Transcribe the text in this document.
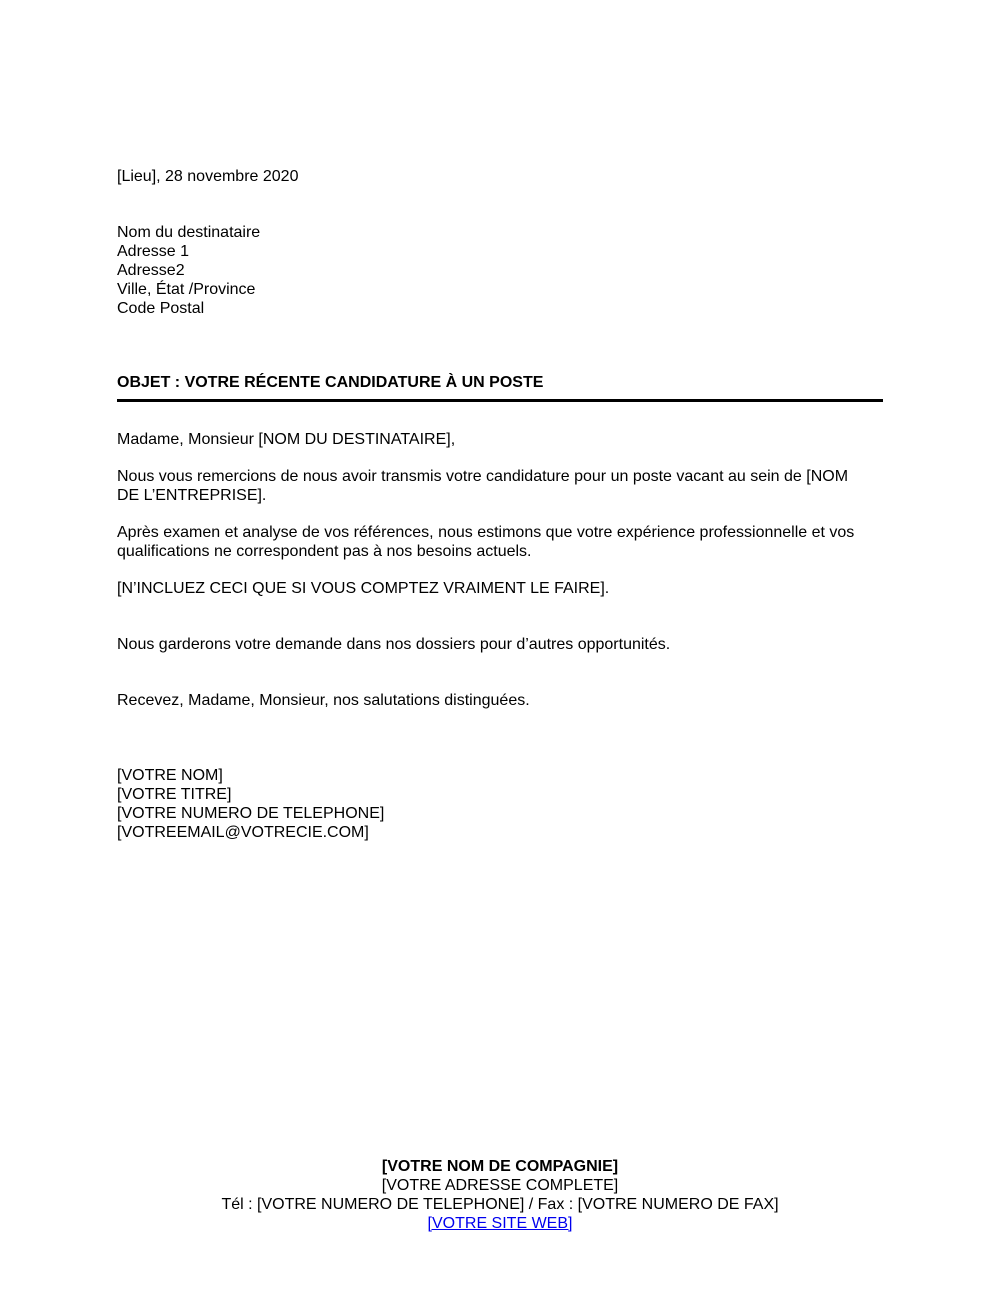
[Lieu], 28 novembre 2020
Nom du destinataire
Adresse 1
Adresse2
Ville, État /Province
Code Postal
OBJET : VOTRE RÉCENTE CANDIDATURE À UN POSTE
Madame, Monsieur [NOM DU DESTINATAIRE],
Nous vous remercions de nous avoir transmis votre candidature pour un poste vacant au sein de [NOM
DE L’ENTREPRISE].
Après examen et analyse de vos références, nous estimons que votre expérience professionnelle et vos
qualifications ne correspondent pas à nos besoins actuels.
[N’INCLUEZ CECI QUE SI VOUS COMPTEZ VRAIMENT LE FAIRE].
Nous garderons votre demande dans nos dossiers pour d’autres opportunités.
Recevez, Madame, Monsieur, nos salutations distinguées.
[VOTRE NOM]
[VOTRE TITRE]
[VOTRE NUMERO DE TELEPHONE]
[VOTREEMAIL@VOTRECIE.COM]
[VOTRE NOM DE COMPAGNIE]
[VOTRE ADRESSE COMPLETE]
Tél : [VOTRE NUMERO DE TELEPHONE] / Fax : [VOTRE NUMERO DE FAX]
[VOTRE SITE WEB]
